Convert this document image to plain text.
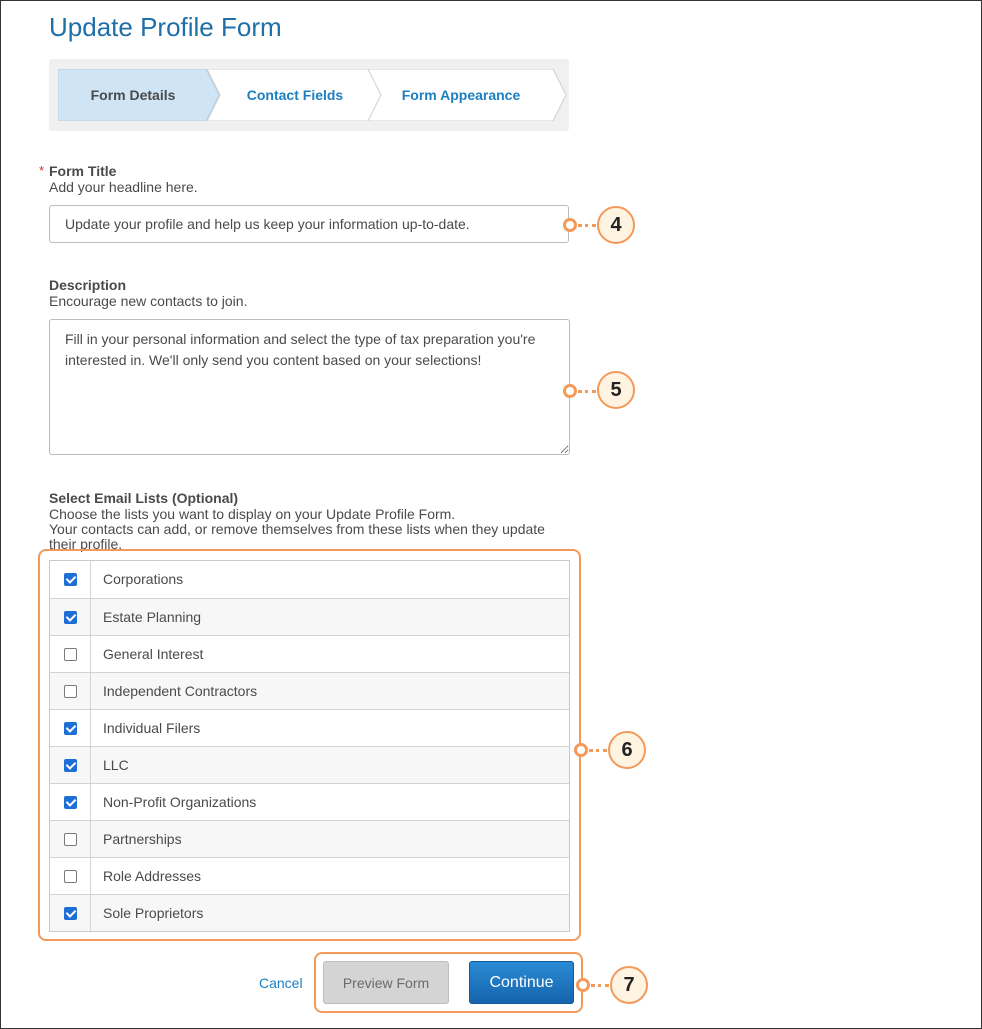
Update Profile Form
Form Details	Contact Fields	Form Appearance
* Form Title
Add your headline here.
Update your profile and help us keep your information up-to-date.
4
Description
Encourage new contacts to join.
Fill in your personal information and select the type of tax preparation you're interested in. We'll only send you content based on your selections!
5
Select Email Lists (Optional)
Choose the lists you want to display on your Update Profile Form.
Your contacts can add, or remove themselves from these lists when they update
their profile.
Corporations
Estate Planning
General Interest
Independent Contractors
Individual Filers
LLC
Non-Profit Organizations
Partnerships
Role Addresses
Sole Proprietors
6
Cancel	Preview Form	Continue	7
